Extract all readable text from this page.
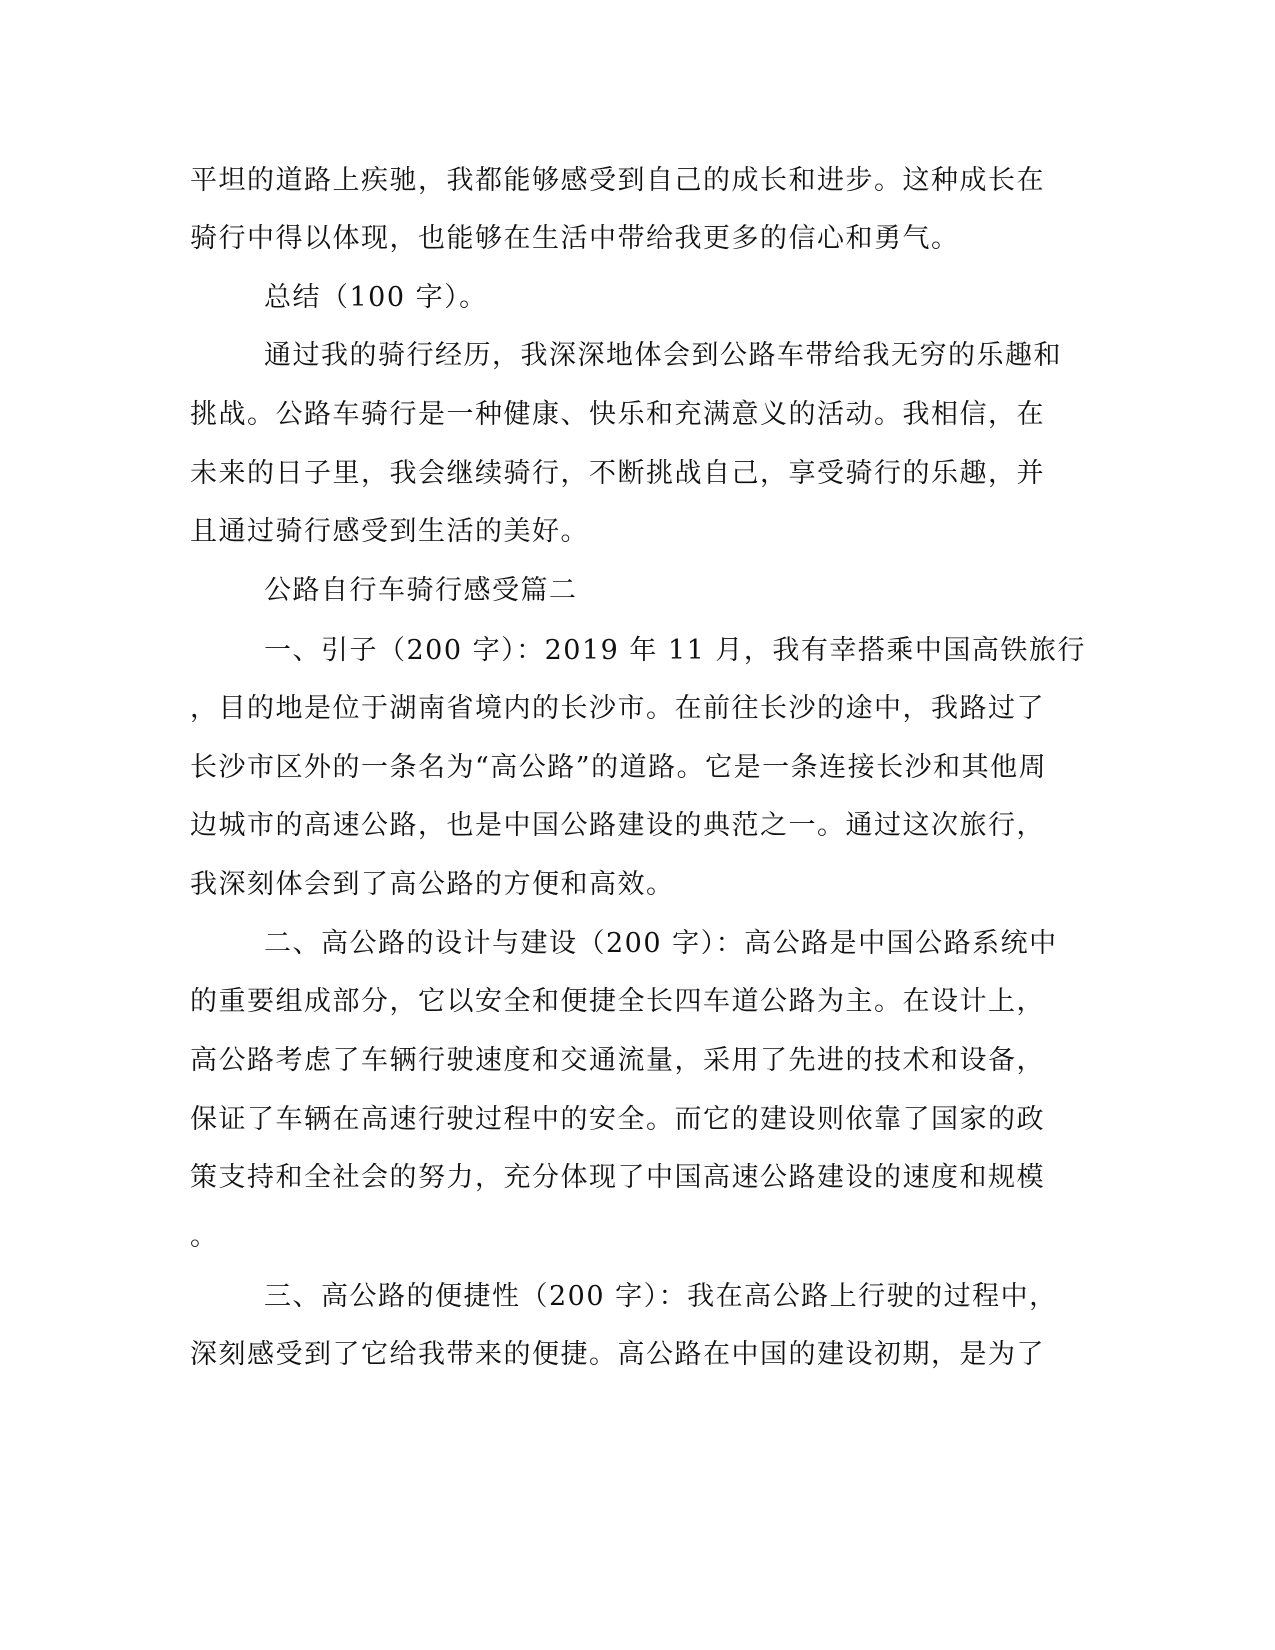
平坦的道路上疾驰，我都能够感受到自己的成长和进步。这种成长在
骑行中得以体现，也能够在生活中带给我更多的信心和勇气。
总结（100 字）。
通过我的骑行经历，我深深地体会到公路车带给我无穷的乐趣和
挑战。公路车骑行是一种健康、快乐和充满意义的活动。我相信，在
未来的日子里，我会继续骑行，不断挑战自己，享受骑行的乐趣，并
且通过骑行感受到生活的美好。
公路自行车骑行感受篇二
一、引子（200 字）：2019 年 11 月，我有幸搭乘中国高铁旅行
，目的地是位于湖南省境内的长沙市。在前往长沙的途中，我路过了
长沙市区外的一条名为“高公路”的道路。它是一条连接长沙和其他周
边城市的高速公路，也是中国公路建设的典范之一。通过这次旅行，
我深刻体会到了高公路的方便和高效。
二、高公路的设计与建设（200 字）：高公路是中国公路系统中
的重要组成部分，它以安全和便捷全长四车道公路为主。在设计上，
高公路考虑了车辆行驶速度和交通流量，采用了先进的技术和设备，
保证了车辆在高速行驶过程中的安全。而它的建设则依靠了国家的政
策支持和全社会的努力，充分体现了中国高速公路建设的速度和规模
。
三、高公路的便捷性（200 字）：我在高公路上行驶的过程中，
深刻感受到了它给我带来的便捷。高公路在中国的建设初期，是为了
